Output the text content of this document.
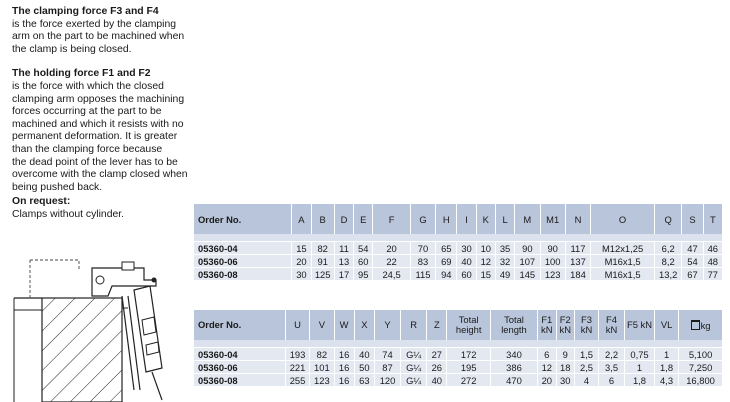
The clamping force F3 and F4

is the force exerted by the clamping

arm on the part to be machined when

the clamp is being closed.

The holding force F1 and F2

is the force with which the closed

clamping arm opposes the machining

forces occurring at the part to be

machined and which it resists with no

permanent deformation. It is greater

than the clamping force because

the dead point of the lever has to be

overcome with the clamp closed when

being pushed back.

On request:

Clamps without cylinder.	Order No.	A	B	D	E	F	G	H	I	K	L	M	M1	N	O	Q	S	T

05360-04	15	82	11	54	20	70	65	30	10	35	90	90	117	M12x1,25	6,2	47	46
05360-06	20	91	13	60	22	83	69	40	12	32	107	100	137	M16x1,5	8,2	54	48
05360-08	30	125	17	95	24,5	115	94	60	15	49	145	123	184	M16x1,5	13,2	67	77
Order No.	U	V	W	X	Y	R	Z	Total height	Total length	F1 kN	F2 kN	F3 kN	F4 kN	F5 kN	VL	kg

05360-04	193	82	16	40	74	G¼	27	172	340	6	9	1,5	2,2	0,75	1	5,100
05360-06	221	101	16	50	87	G¼	26	195	386	12	18	2,5	3,5	1	1,8	7,250
05360-08	255	123	16	63	120	G¼	40	272	470	20	30	4	6	1,8	4,3	16,800
